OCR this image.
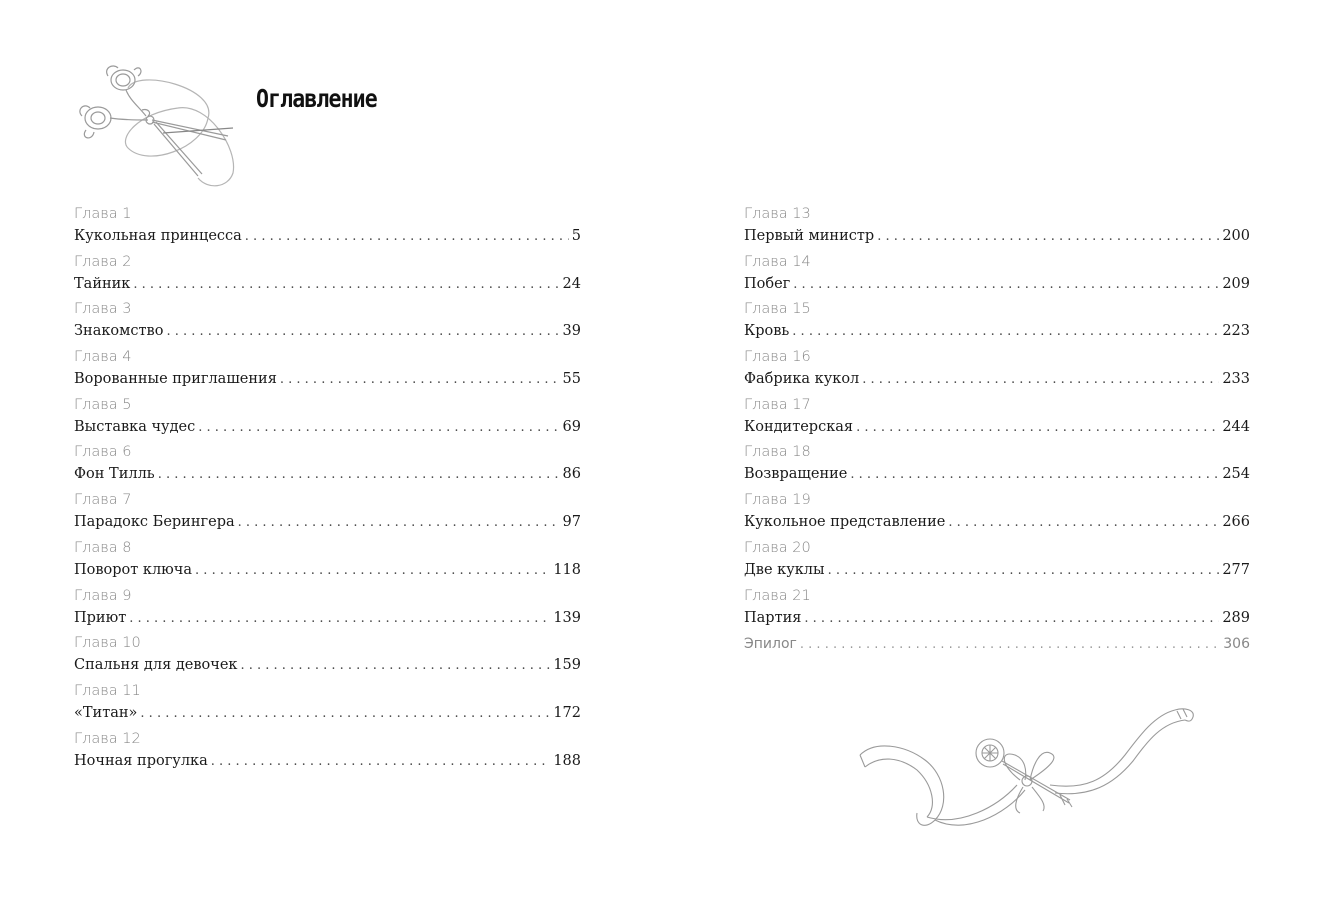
Оглавление
Глава 1
Кукольная принцесса . . .	5
Глава 2
Тайник . . .	24
Глава 3
Знакомство . . .	39
Глава 4
Ворованные приглашения . . .	55
Глава 5
Выставка чудес . . .	69
Глава 6
Фон Тилль . . .	86
Глава 7
Парадокс Берингера . . .	97
Глава 8
Поворот ключа . . .	118
Глава 9
Приют . . .	139
Глава 10
Спальня для девочек . . .	159
Глава 11
«Титан» . . .	172
Глава 12
Ночная прогулка . . .	188
Глава 13
Первый министр . . .	200
Глава 14
Побег . . .	209
Глава 15
Кровь . . .	223
Глава 16
Фабрика кукол . . .	233
Глава 17
Кондитерская . . .	244
Глава 18
Возвращение . . .	254
Глава 19
Кукольное представление . . .	266
Глава 20
Две куклы . . .	277
Глава 21
Партия . . .	289
Эпилог . . .	306
